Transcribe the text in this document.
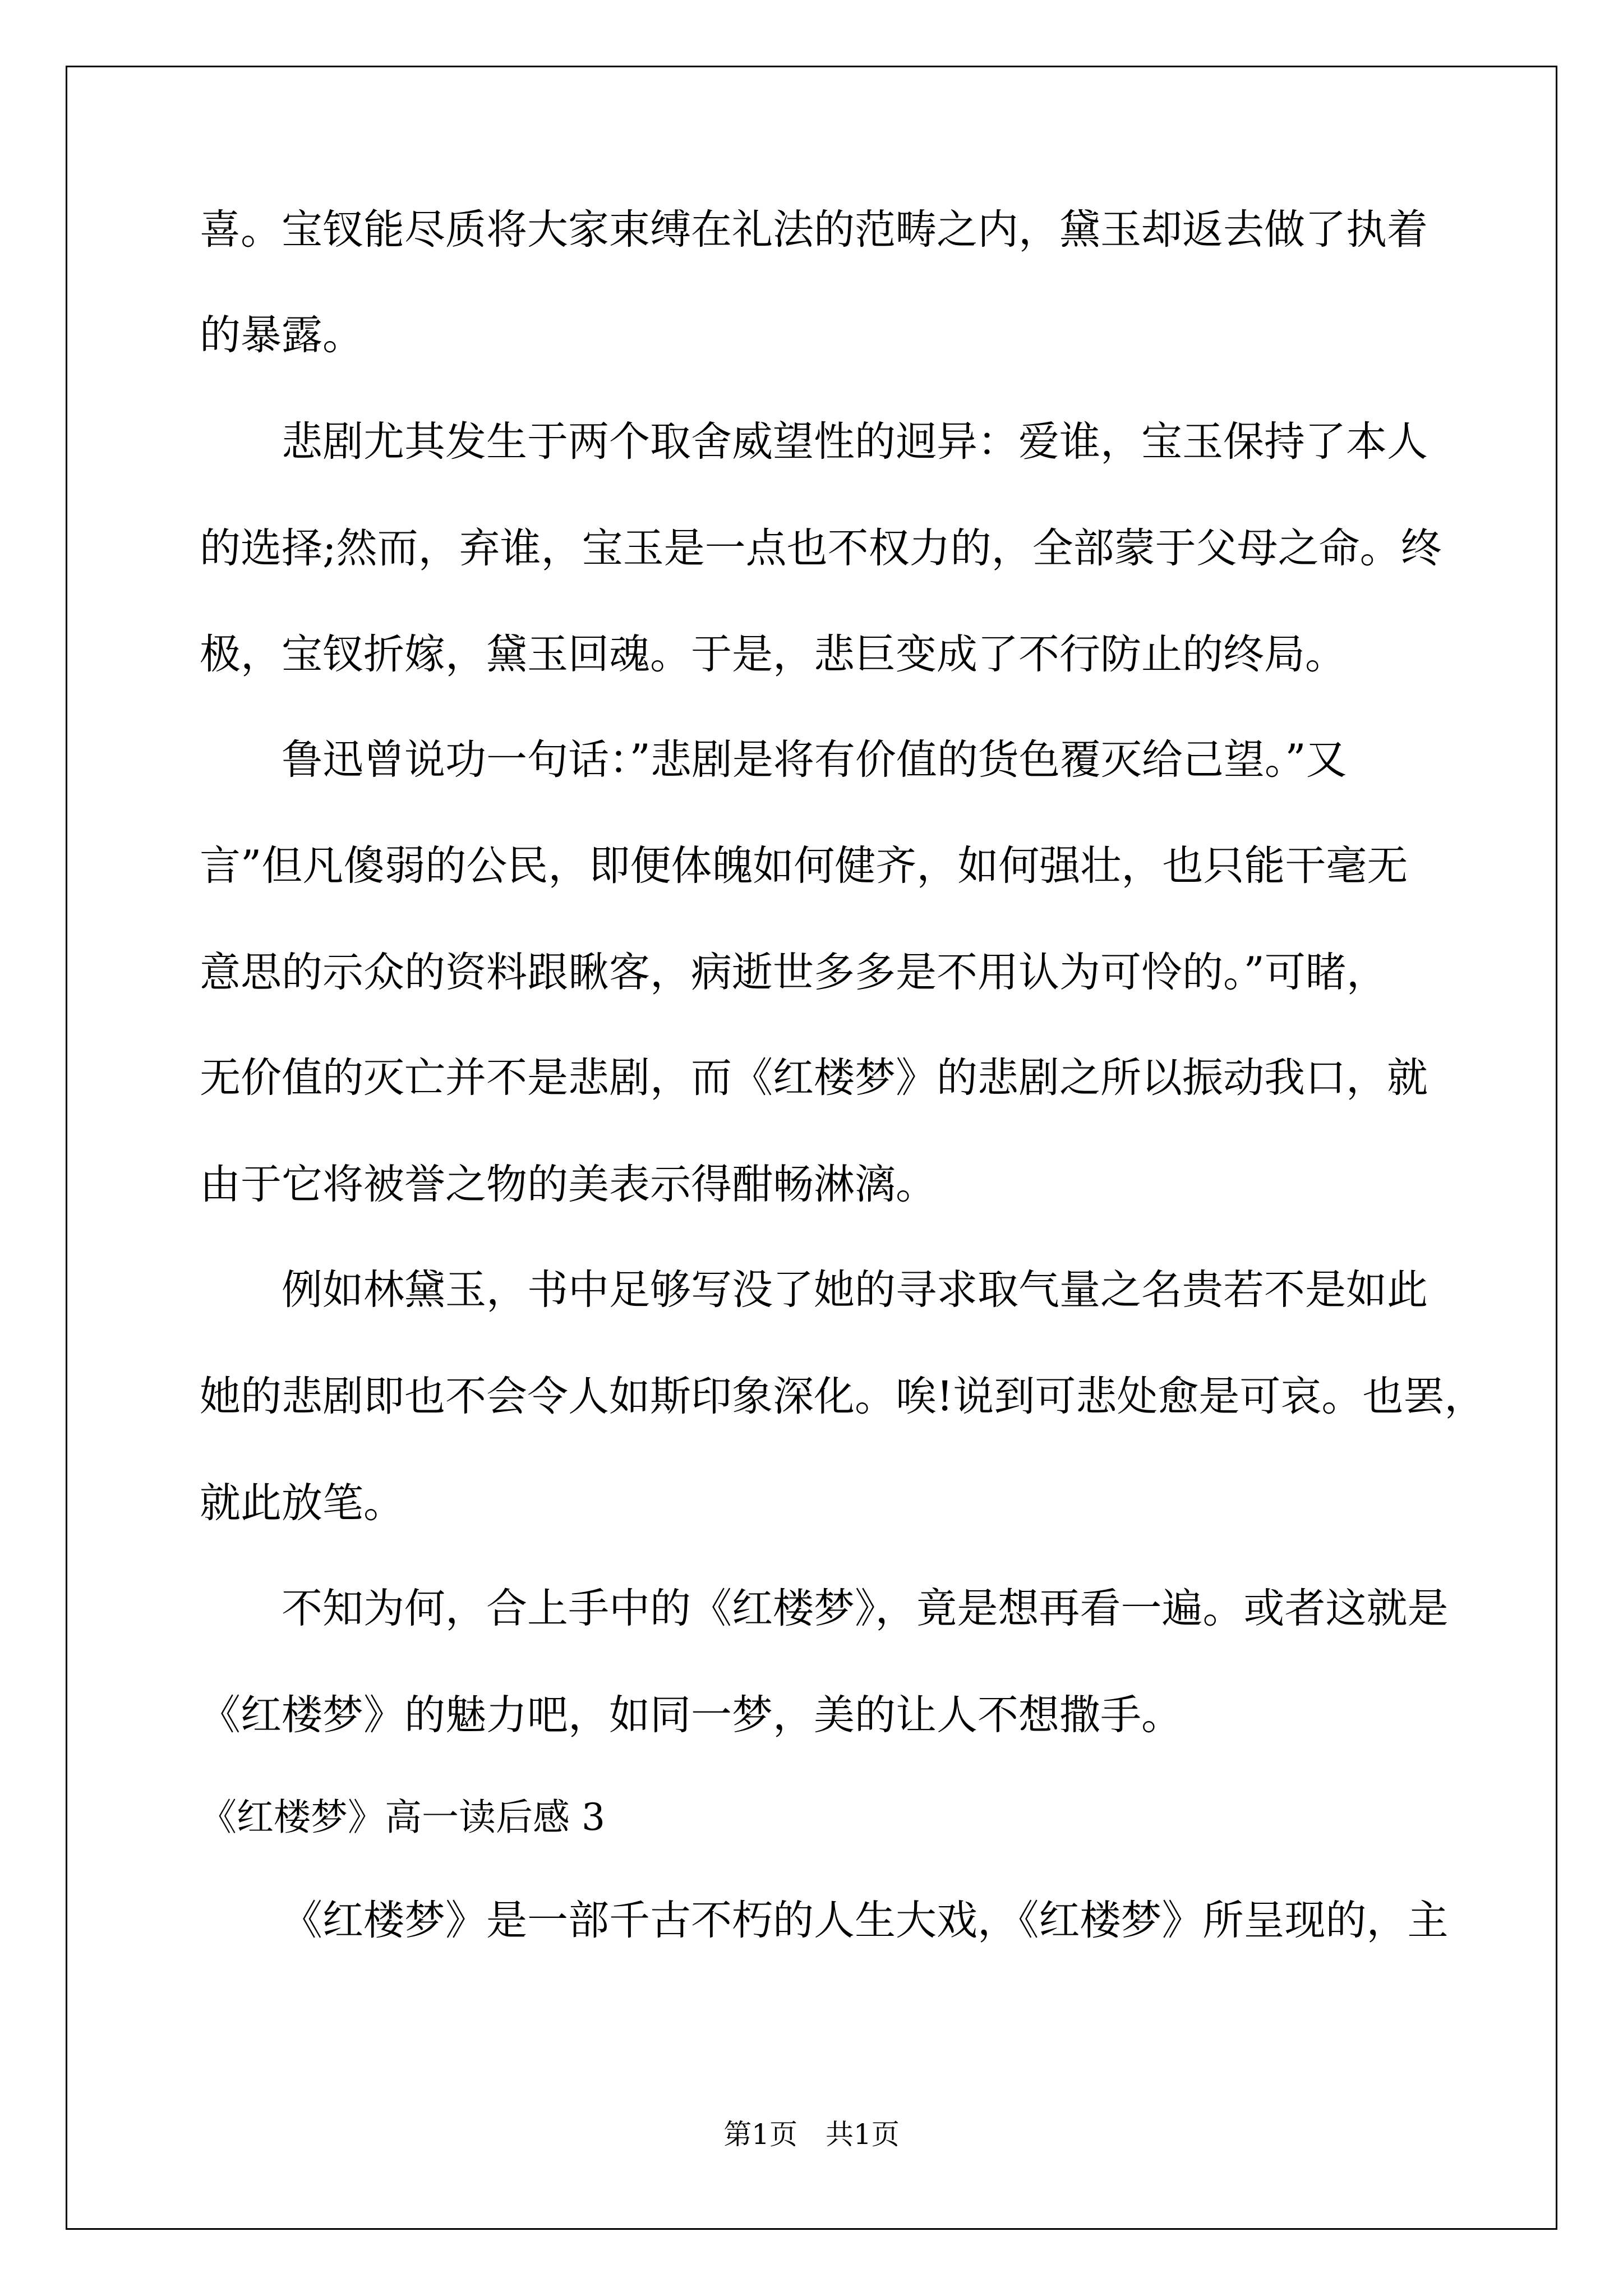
喜。宝钗能尽质将大家束缚在礼法的范畴之内，黛玉却返去做了执着
的暴露。
悲剧尤其发生于两个取舍威望性的迥异：爱谁，宝玉保持了本人
的选择;然而，弃谁，宝玉是一点也不权力的，全部蒙于父母之命。终
极，宝钗折嫁，黛玉回魂。于是，悲巨变成了不行防止的终局。
鲁迅曾说功一句话：”悲剧是将有价值的货色覆灭给己望。”又
言”但凡傻弱的公民，即便体魄如何健齐，如何强壮，也只能干毫无
意思的示众的资料跟瞅客，病逝世多多是不用认为可怜的。”可睹，
无价值的灭亡并不是悲剧，而《红楼梦》的悲剧之所以振动我口，就
由于它将被誉之物的美表示得酣畅淋漓。
例如林黛玉，书中足够写没了她的寻求取气量之名贵若不是如此
她的悲剧即也不会令人如斯印象深化。唉!说到可悲处愈是可哀。也罢，
就此放笔。
不知为何，合上手中的《红楼梦》，竟是想再看一遍。或者这就是
《红楼梦》的魅力吧，如同一梦，美的让人不想撒手。
《红楼梦》高一读后感 3
《红楼梦》是一部千古不朽的人生大戏，《红楼梦》所呈现的，主
第1页　共1页
